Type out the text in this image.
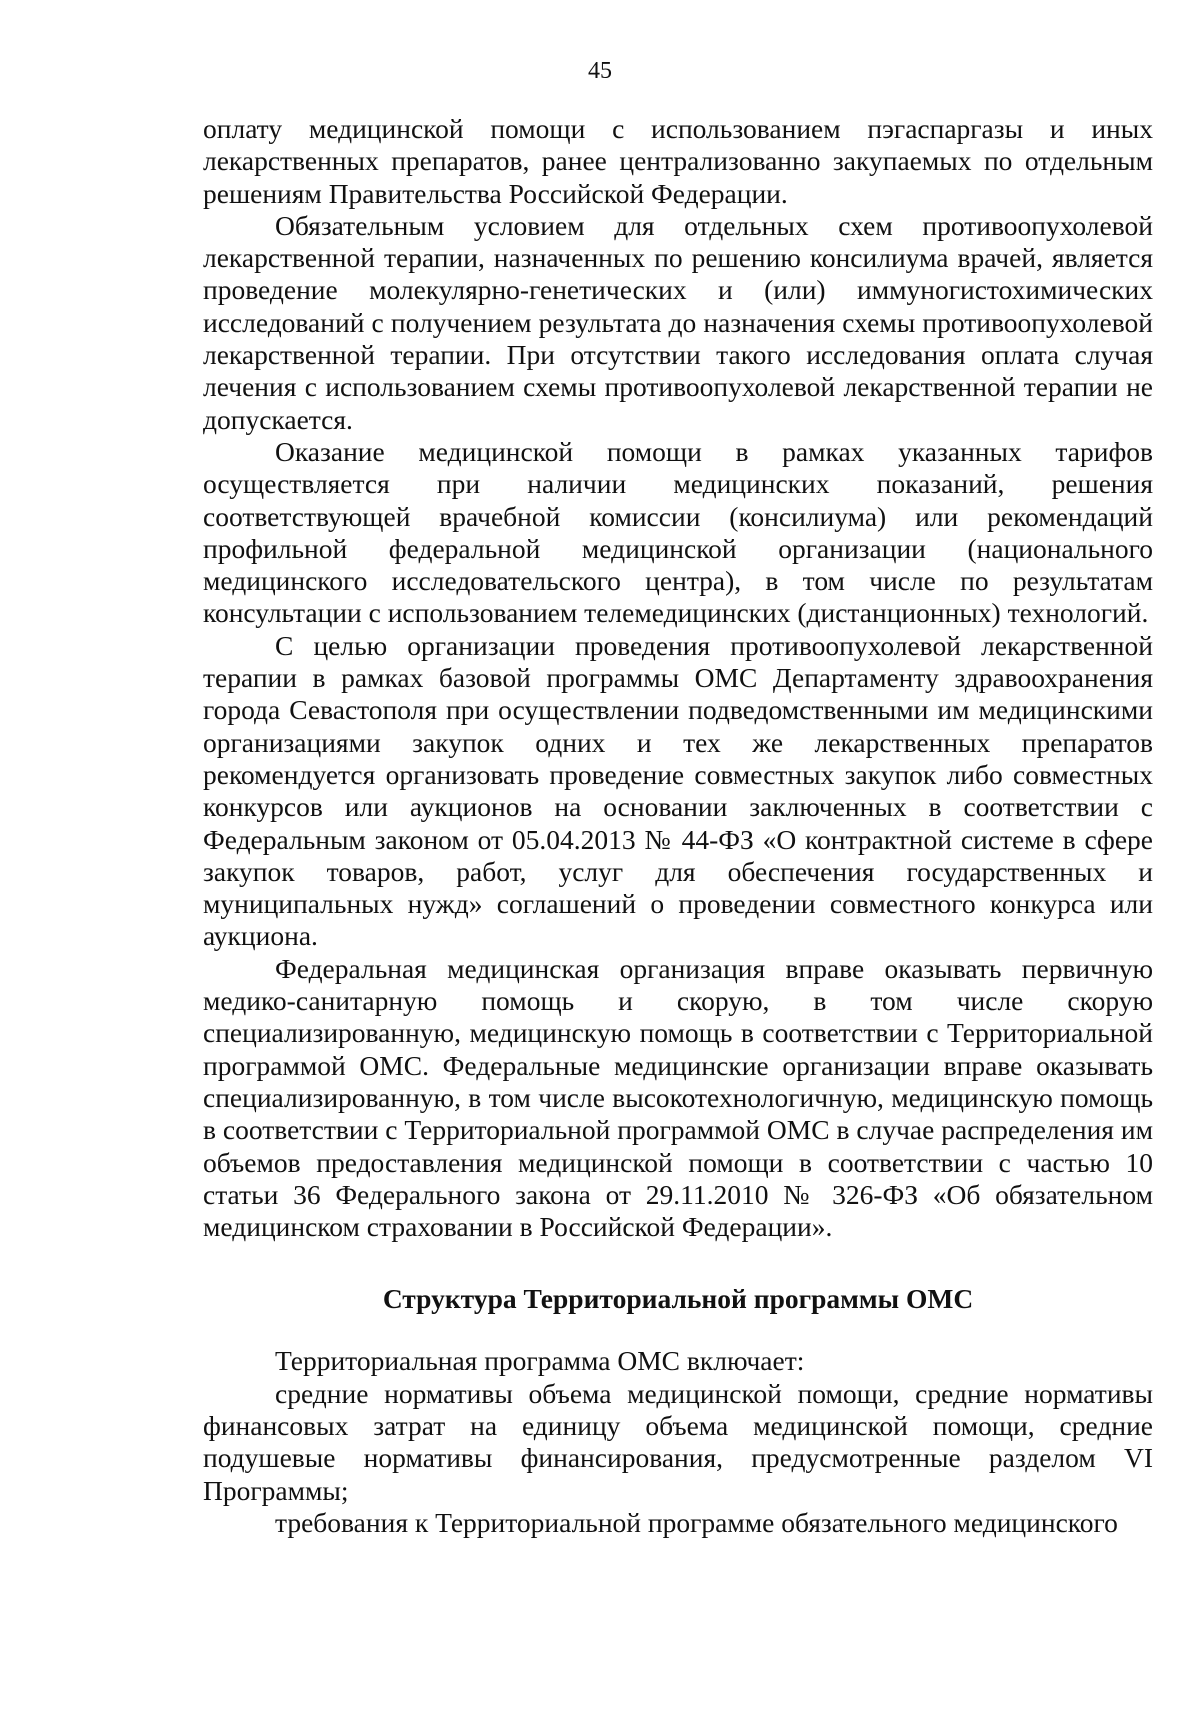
45

оплату медицинской помощи с использованием пэгаспаргазы и иных лекарственных препаратов, ранее централизованно закупаемых по отдельным решениям Правительства Российской Федерации.

Обязательным условием для отдельных схем противоопухолевой лекарственной терапии, назначенных по решению консилиума врачей, является проведение молекулярно-генетических и (или) иммуногистохимических исследований с получением результата до назначения схемы противоопухолевой лекарственной терапии. При отсутствии такого исследования оплата случая лечения с использованием схемы противоопухолевой лекарственной терапии не допускается.

Оказание медицинской помощи в рамках указанных тарифов осуществляется при наличии медицинских показаний, решения соответствующей врачебной комиссии (консилиума) или рекомендаций профильной федеральной медицинской организации (национального медицинского исследовательского центра), в том числе по результатам консультации с использованием телемедицинских (дистанционных) технологий.

С целью организации проведения противоопухолевой лекарственной терапии в рамках базовой программы ОМС Департаменту здравоохранения города Севастополя при осуществлении подведомственными им медицинскими организациями закупок одних и тех же лекарственных препаратов рекомендуется организовать проведение совместных закупок либо совместных конкурсов или аукционов на основании заключенных в соответствии с Федеральным законом от 05.04.2013 № 44-ФЗ «О контрактной системе в сфере закупок товаров, работ, услуг для обеспечения государственных и муниципальных нужд» соглашений о проведении совместного конкурса или аукциона.

Федеральная медицинская организация вправе оказывать первичную медико-санитарную помощь и скорую, в том числе скорую специализированную, медицинскую помощь в соответствии с Территориальной программой ОМС. Федеральные медицинские организации вправе оказывать специализированную, в том числе высокотехнологичную, медицинскую помощь в соответствии с Территориальной программой ОМС в случае распределения им объемов предоставления медицинской помощи в соответствии с частью 10 статьи 36 Федерального закона от 29.11.2010 № 326-ФЗ «Об обязательном медицинском страховании в Российской Федерации».

Структура Территориальной программы ОМС

Территориальная программа ОМС включает:

средние нормативы объема медицинской помощи, средние нормативы финансовых затрат на единицу объема медицинской помощи, средние подушевые нормативы финансирования, предусмотренные разделом VI Программы;

требования к Территориальной программе обязательного медицинского
